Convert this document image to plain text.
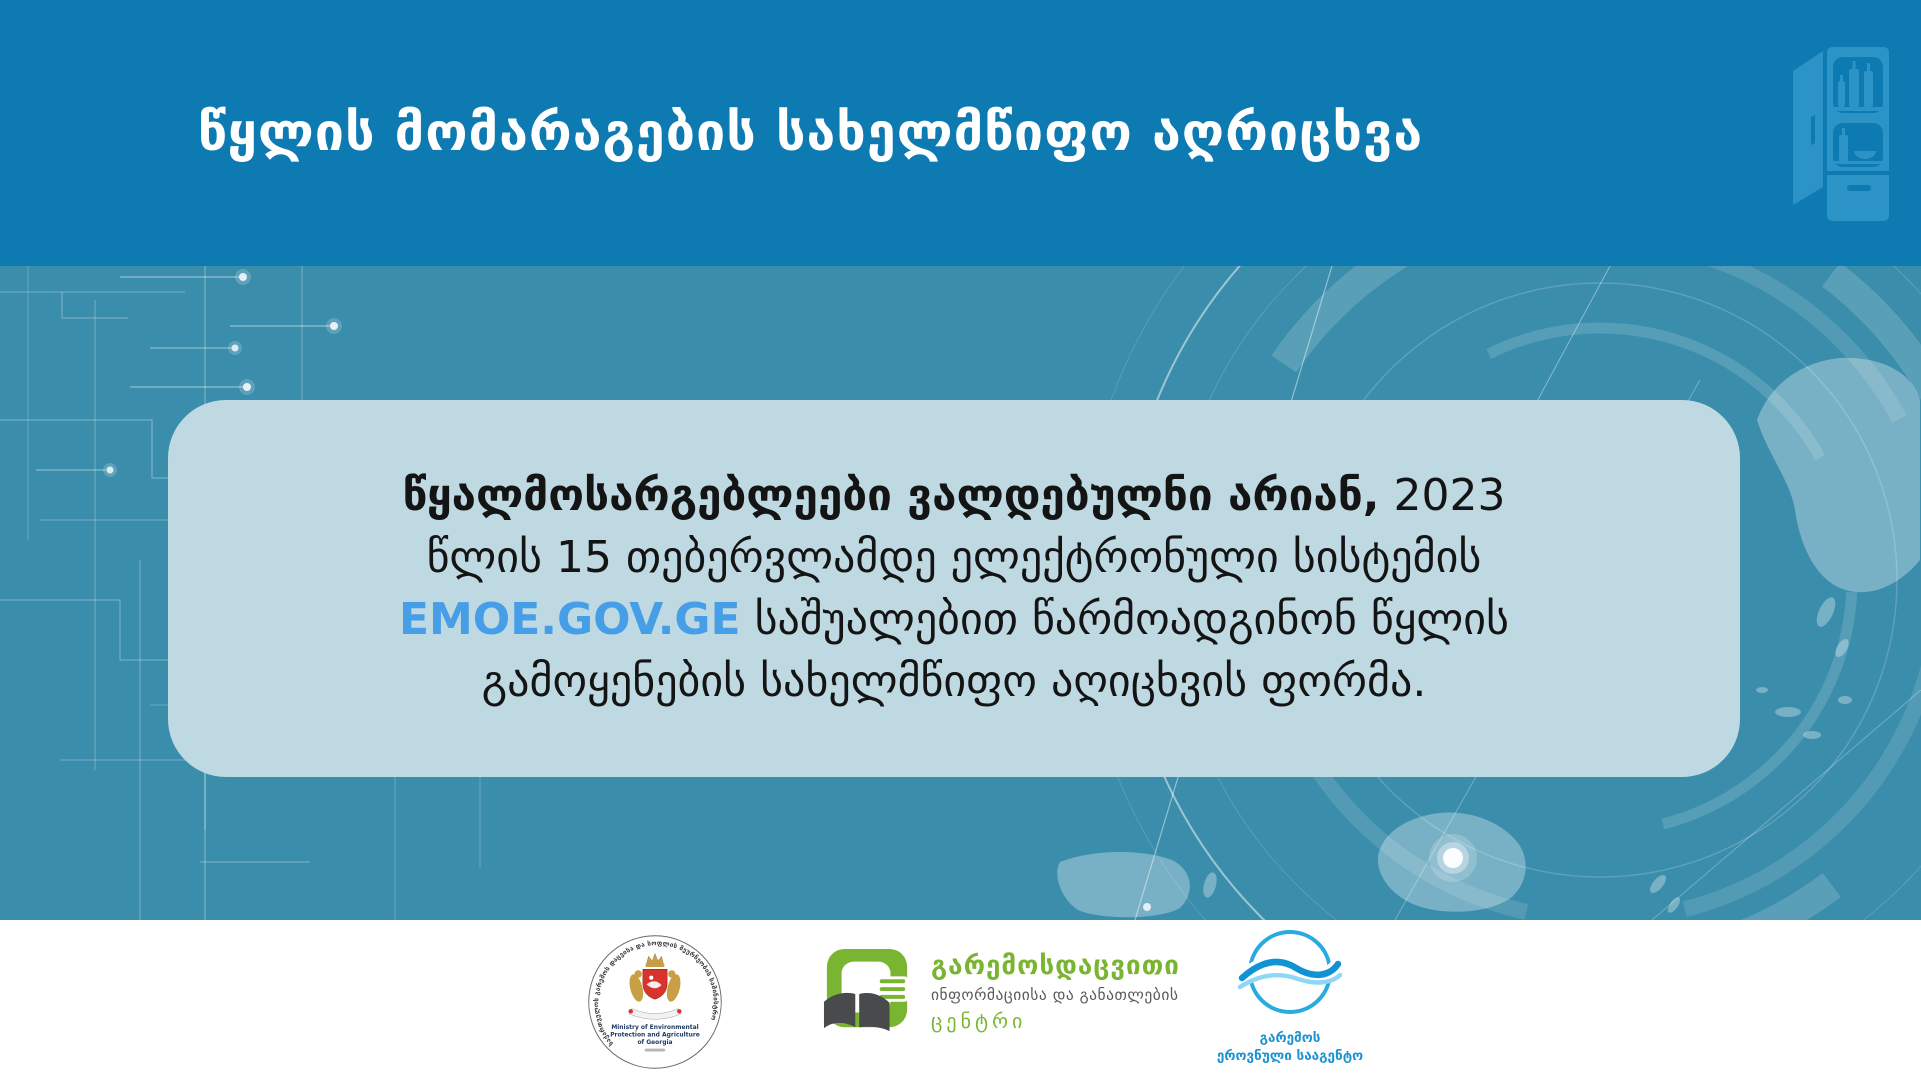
წყლის მომარაგების სახელმწიფო აღრიცხვა
წყალმოსარგებლეები ვალდებულნი არიან, 2023
წლის 15 თებერვლამდე ელექტრონული სისტემის
EMOE.GOV.GE საშუალებით წარმოადგინონ წყლის
გამოყენების სახელმწიფო აღიცხვის ფორმა.
საქართველოს გარემოს დაცვისა და სოფლის მეურნეობის სამინისტრო
Ministry of Environmental
Protection and Agriculture
of Georgia
გარემოსდაცვითი
ინფორმაციისა და განათლების
ცენტრი
გარემოს
ეროვნული სააგენტო
